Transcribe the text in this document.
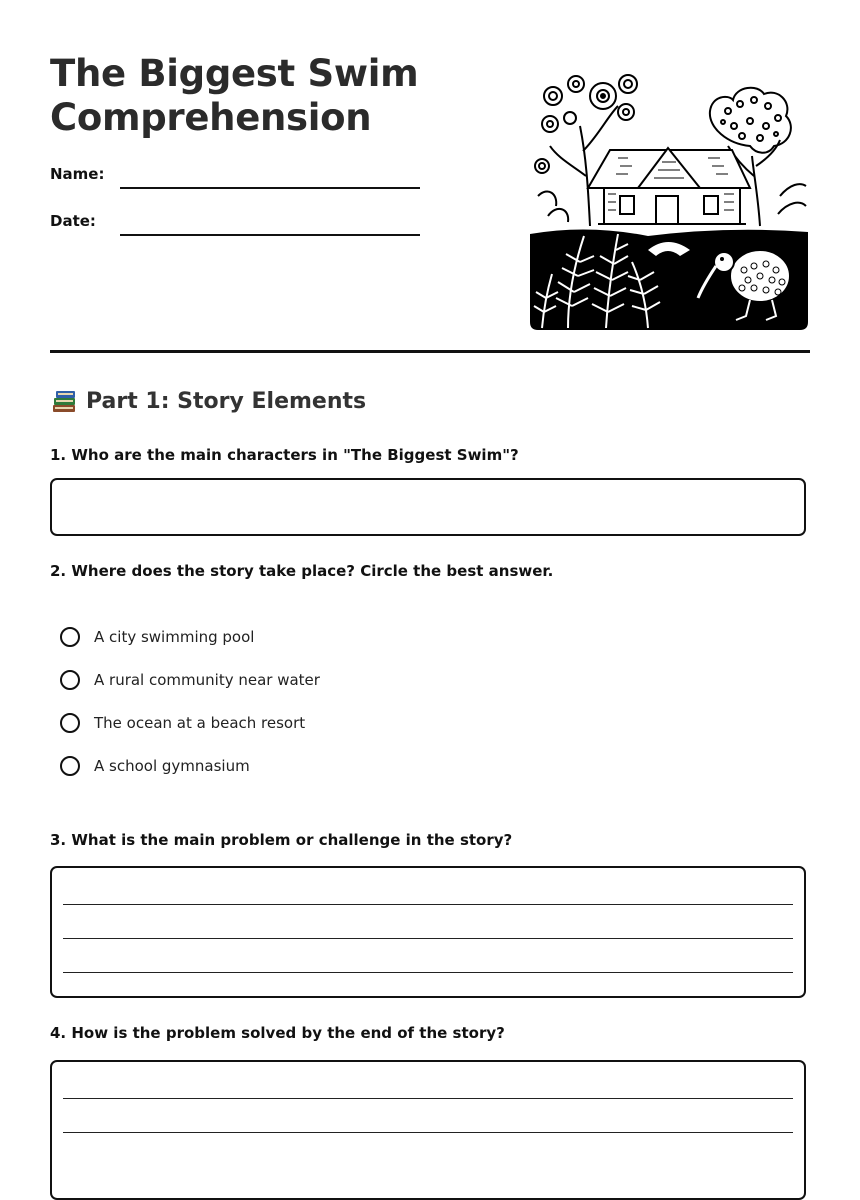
The Biggest Swim
Comprehension
Name:
Date:
Part 1: Story Elements

1. Who are the main characters in "The Biggest Swim"?

2. Where does the story take place? Circle the best answer.

A city swimming pool
A rural community near water
The ocean at a beach resort
A school gymnasium

3. What is the main problem or challenge in the story?

4. How is the problem solved by the end of the story?
